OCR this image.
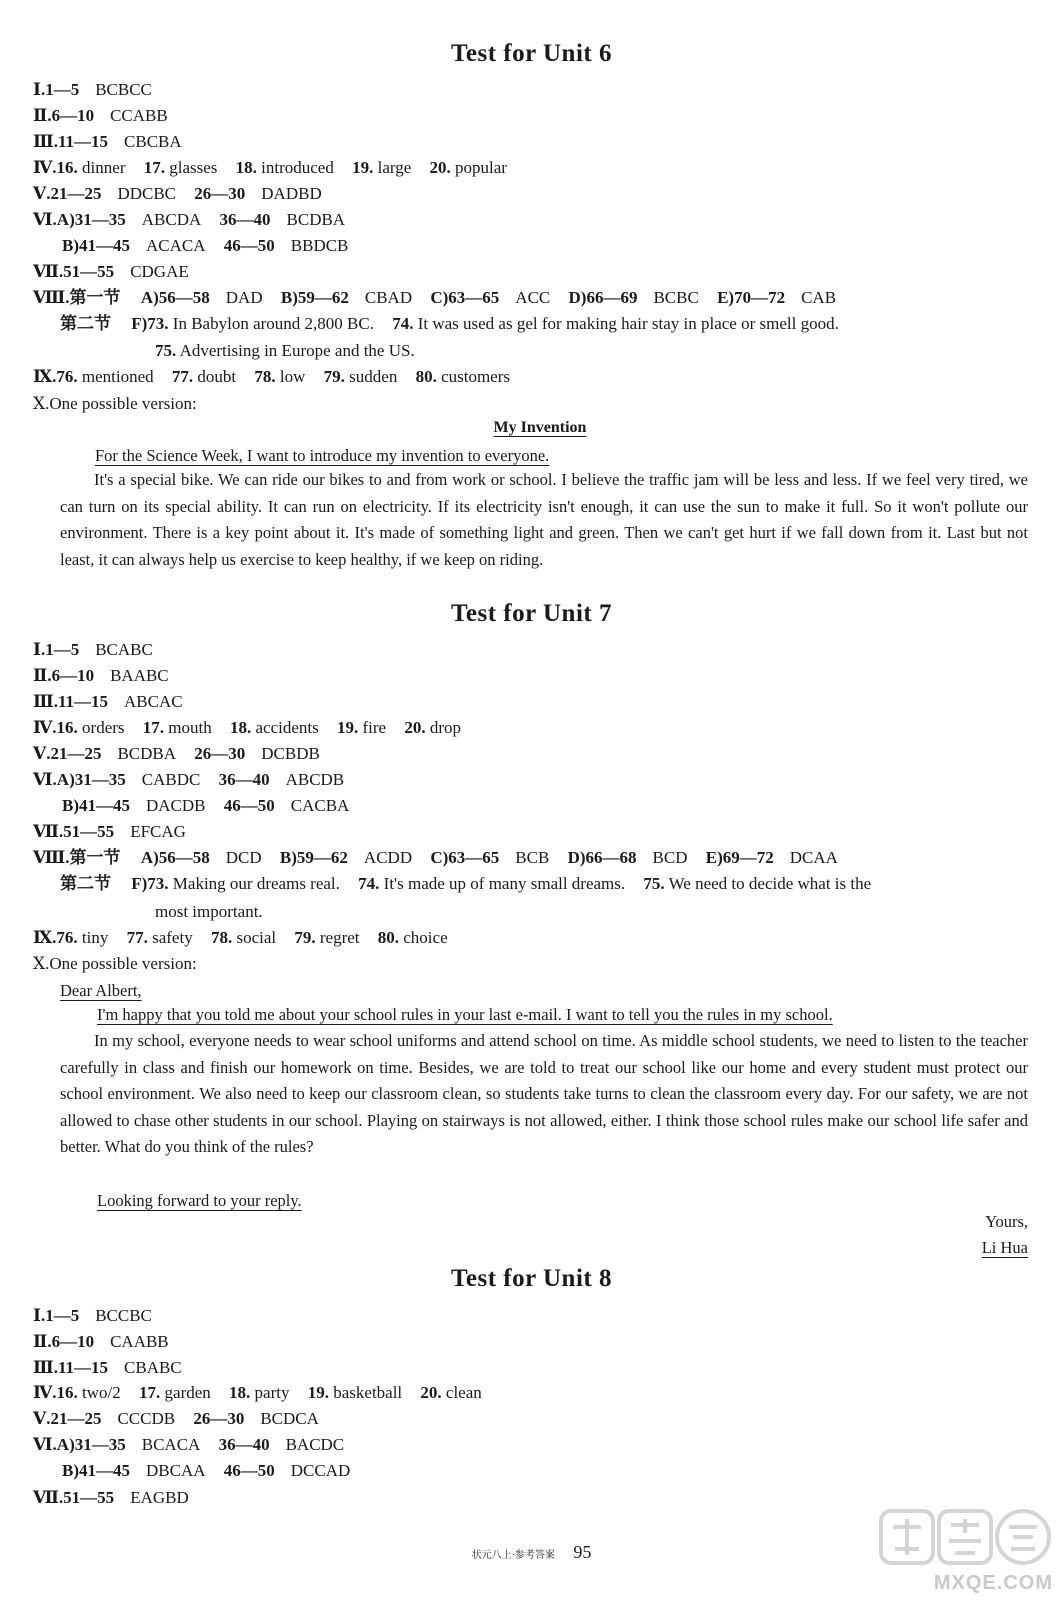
Test for Unit 6
Ⅰ.1—5 BCBCC
Ⅱ.6—10 CCABB
Ⅲ.11—15 CBCBA
Ⅳ.16. dinner 17. glasses 18. introduced 19. large 20. popular
Ⅴ.21—25 DDCBC 26—30 DADBD
Ⅵ.A)31—35 ABCDA 36—40 BCDBA
B)41—45 ACACA 46—50 BBDCB
Ⅶ.51—55 CDGAE
Ⅷ.第一节 A)56—58 DAD B)59—62 CBAD C)63—65 ACC D)66—69 BCBC E)70—72 CAB
第二节 F)73. In Babylon around 2,800 BC. 74. It was used as gel for making hair stay in place or smell good.
75. Advertising in Europe and the US.
Ⅸ.76. mentioned 77. doubt 78. low 79. sudden 80. customers
Ⅹ.One possible version:
My Invention
For the Science Week, I want to introduce my invention to everyone.
It's a special bike. We can ride our bikes to and from work or school. I believe the traffic jam will be less and less. If we feel very tired, we can turn on its special ability. It can run on electricity. If its electricity isn't enough, it can use the sun to make it full. So it won't pollute our environment. There is a key point about it. It's made of something light and green. Then we can't get hurt if we fall down from it. Last but not least, it can always help us exercise to keep healthy, if we keep on riding.
Test for Unit 7
Ⅰ.1—5 BCABC
Ⅱ.6—10 BAABC
Ⅲ.11—15 ABCAC
Ⅳ.16. orders 17. mouth 18. accidents 19. fire 20. drop
Ⅴ.21—25 BCDBA 26—30 DCBDB
Ⅵ.A)31—35 CABDC 36—40 ABCDB
B)41—45 DACDB 46—50 CACBA
Ⅶ.51—55 EFCAG
Ⅷ.第一节 A)56—58 DCD B)59—62 ACDD C)63—65 BCB D)66—68 BCD E)69—72 DCAA
第二节 F)73. Making our dreams real. 74. It's made up of many small dreams. 75. We need to decide what is the
most important.
Ⅸ.76. tiny 77. safety 78. social 79. regret 80. choice
Ⅹ.One possible version:
Dear Albert,
I'm happy that you told me about your school rules in your last e-mail. I want to tell you the rules in my school.
In my school, everyone needs to wear school uniforms and attend school on time. As middle school students, we need to listen to the teacher carefully in class and finish our homework on time. Besides, we are told to treat our school like our home and every student must protect our school environment. We also need to keep our classroom clean, so students take turns to clean the classroom every day. For our safety, we are not allowed to chase other students in our school. Playing on stairways is not allowed, either. I think those school rules make our school life safer and better. What do you think of the rules?
Looking forward to your reply.
Yours,
Li Hua
Test for Unit 8
Ⅰ.1—5 BCCBC
Ⅱ.6—10 CAABB
Ⅲ.11—15 CBABC
Ⅳ.16. two/2 17. garden 18. party 19. basketball 20. clean
Ⅴ.21—25 CCCDB 26—30 BCDCA
Ⅵ.A)31—35 BCACA 36—40 BACDC
B)41—45 DBCAA 46—50 DCCAD
Ⅶ.51—55 EAGBD
状元八上·参考答案 95
MXQE.COM
